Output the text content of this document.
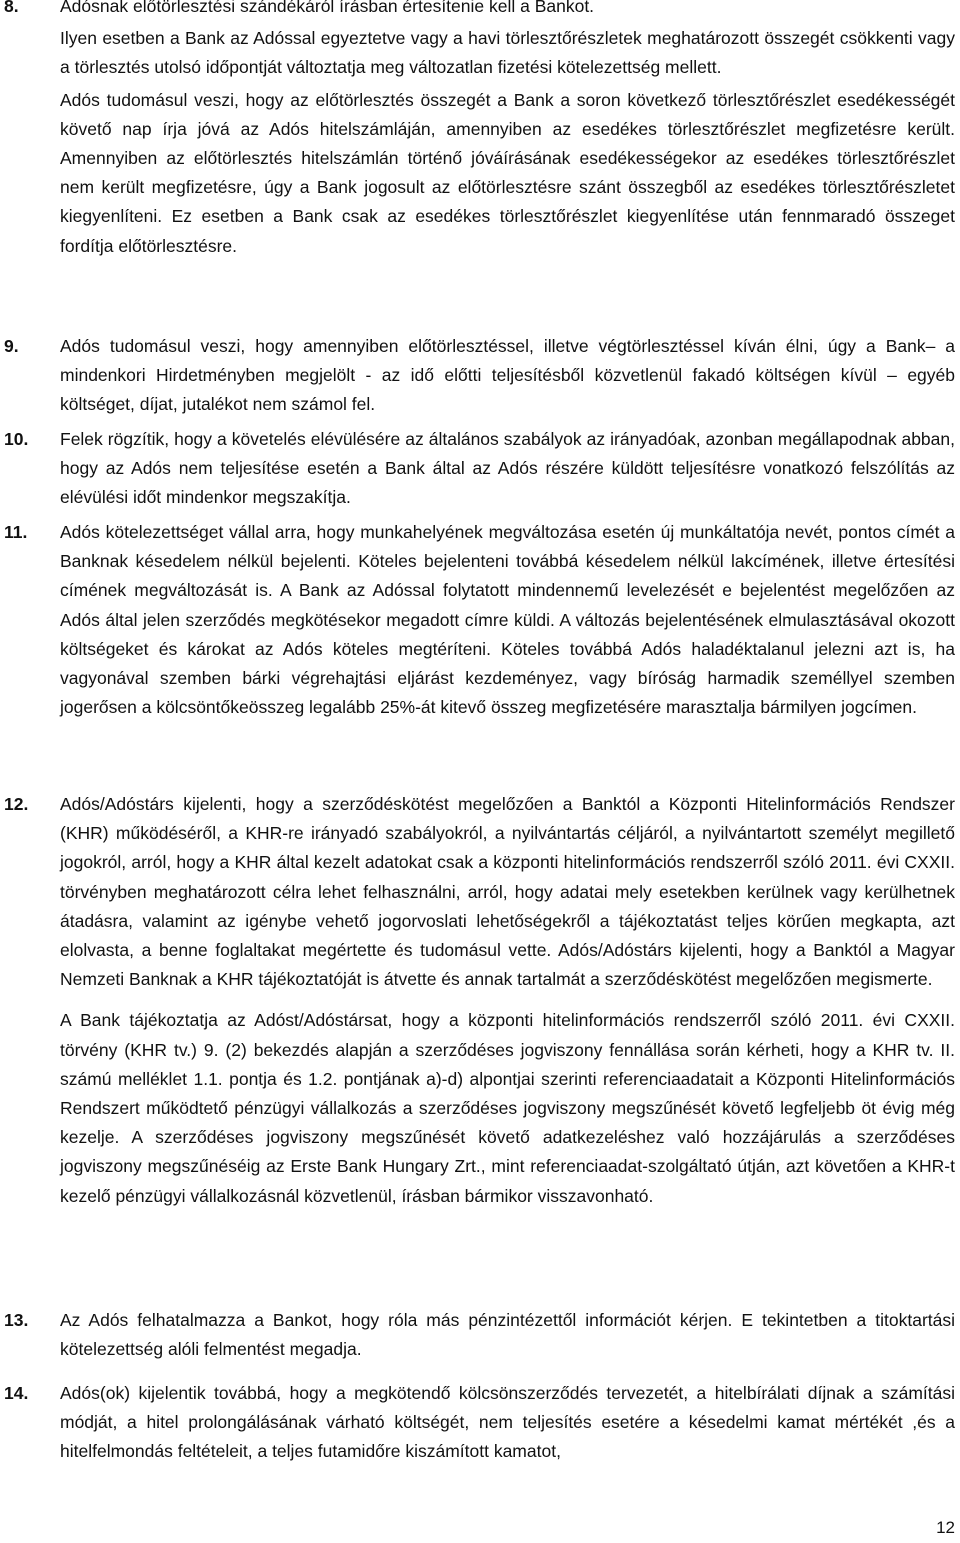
8. Adósnak előtörlesztési szándékáról írásban értesítenie kell a Bankot.

Ilyen esetben a Bank az Adóssal egyeztetve vagy a havi törlesztőrészletek meghatározott összegét csökkenti vagy a törlesztés utolsó időpontját változtatja meg változatlan fizetési kötelezettség mellett.

Adós tudomásul veszi, hogy az előtörlesztés összegét a Bank a soron következő törlesztőrészlet esedékességét követő nap írja jóvá az Adós hitelszámláján, amennyiben az esedékes törlesztőrészlet megfizetésre került. Amennyiben az előtörlesztés hitelszámlán történő jóváírásának esedékességekor az esedékes törlesztőrészlet nem került megfizetésre, úgy a Bank jogosult az előtörlesztésre szánt összegből az esedékes törlesztőrészletet kiegyenlíteni. Ez esetben a Bank csak az esedékes törlesztőrészlet kiegyenlítése után fennmaradó összeget fordítja előtörlesztésre.

9. Adós tudomásul veszi, hogy amennyiben előtörlesztéssel, illetve végtörlesztéssel kíván élni, úgy a Bank– a mindenkori Hirdetményben megjelölt - az idő előtti teljesítésből közvetlenül fakadó költségen kívül – egyéb költséget, díjat, jutalékot nem számol fel.

10. Felek rögzítik, hogy a követelés elévülésére az általános szabályok az irányadóak, azonban megállapodnak abban, hogy az Adós nem teljesítése esetén a Bank által az Adós részére küldött teljesítésre vonatkozó felszólítás az elévülési időt mindenkor megszakítja.

11. Adós kötelezettséget vállal arra, hogy munkahelyének megváltozása esetén új munkáltatója nevét, pontos címét a Banknak késedelem nélkül bejelenti. Köteles bejelenteni továbbá késedelem nélkül lakcímének, illetve értesítési címének megváltozását is. A Bank az Adóssal folytatott mindennemű levelezését e bejelentést megelőzően az Adós által jelen szerződés megkötésekor megadott címre küldi. A változás bejelentésének elmulasztásával okozott költségeket és károkat az Adós köteles megtéríteni. Köteles továbbá Adós haladéktalanul jelezni azt is, ha vagyonával szemben bárki végrehajtási eljárást kezdeményez, vagy bíróság harmadik személlyel szemben jogerősen a kölcsöntőkeösszeg legalább 25%-át kitevő összeg megfizetésére marasztalja bármilyen jogcímen.

12. Adós/Adóstárs kijelenti, hogy a szerződéskötést megelőzően a Banktól a Központi Hitelinformációs Rendszer (KHR) működéséről, a KHR-re irányadó szabályokról, a nyilvántartás céljáról, a nyilvántartott személyt megillető jogokról, arról, hogy a KHR által kezelt adatokat csak a központi hitelinformációs rendszerről szóló 2011. évi CXXII. törvényben meghatározott célra lehet felhasználni, arról, hogy adatai mely esetekben kerülnek vagy kerülhetnek átadásra, valamint az igénybe vehető jogorvoslati lehetőségekről a tájékoztatást teljes körűen megkapta, azt elolvasta, a benne foglaltakat megértette és tudomásul vette. Adós/Adóstárs kijelenti, hogy a Banktól a Magyar Nemzeti Banknak a KHR tájékoztatóját is átvette és annak tartalmát a szerződéskötést megelőzően megismerte.

A Bank tájékoztatja az Adóst/Adóstársat, hogy a központi hitelinformációs rendszerről szóló 2011. évi CXXII. törvény (KHR tv.) 9. (2) bekezdés alapján a szerződéses jogviszony fennállása során kérheti, hogy a KHR tv. II. számú melléklet 1.1. pontja és 1.2. pontjának a)-d) alpontjai szerinti referenciaadatait a Központi Hitelinformációs Rendszert működtető pénzügyi vállalkozás a szerződéses jogviszony megszűnését követő legfeljebb öt évig még kezelje. A szerződéses jogviszony megszűnését követő adatkezeléshez való hozzájárulás a szerződéses jogviszony megszűnéséig az Erste Bank Hungary Zrt., mint referenciaadat-szolgáltató útján, azt követően a KHR-t kezelő pénzügyi vállalkozásnál közvetlenül, írásban bármikor visszavonható.

13. Az Adós felhatalmazza a Bankot, hogy róla más pénzintézettől információt kérjen. E tekintetben a titoktartási kötelezettség alóli felmentést megadja.

14. Adós(ok) kijelentik továbbá, hogy a megkötendő kölcsönszerződés tervezetét, a hitelbírálati díjnak a számítási módját, a hitel prolongálásának várható költségét, nem teljesítés esetére a késedelmi kamat mértékét ,és a hitelfelmondás feltételeit, a teljes futamidőre kiszámított kamatot,

12
